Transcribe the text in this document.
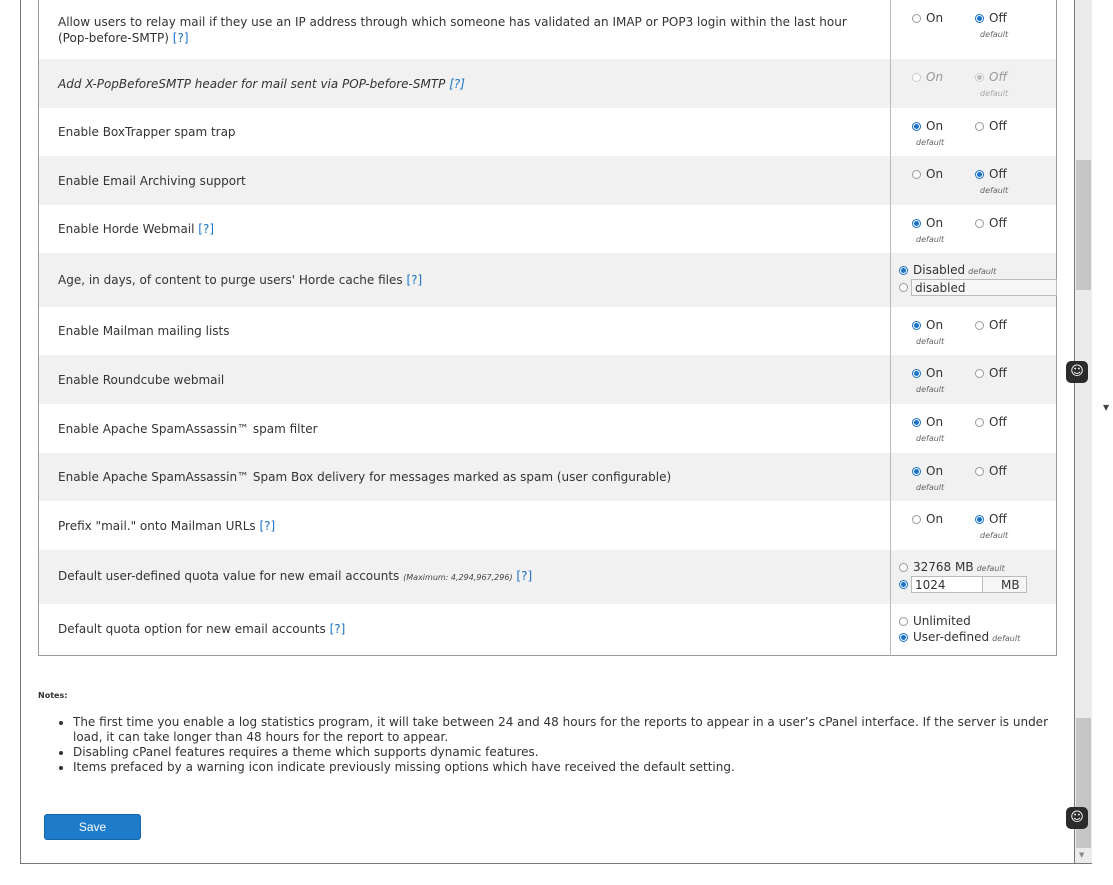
Allow users to relay mail if they use an IP address through which someone has validated an IMAP or POP3 login within the last hour (Pop-before-SMTP) [?]	On Off
default

Add X-PopBeforeSMTP header for mail sent via POP-before-SMTP [?]	On Off
default

Enable BoxTrapper spam trap	On Off
default

Enable Email Archiving support	On Off
default

Enable Horde Webmail [?]	On Off
default

Age, in days, of content to purge users' Horde cache files [?]	Disabled default
disabled

Enable Mailman mailing lists	On Off
default

Enable Roundcube webmail	On Off
default

Enable Apache SpamAssassin™ spam filter	On Off
default

Enable Apache SpamAssassin™ Spam Box delivery for messages marked as spam (user configurable)	On Off
default

Prefix "mail." onto Mailman URLs [?]	On Off
default

Default user-defined quota value for new email accounts (Maximum: 4,294,967,296) [?]	32768 MB default
1024 MB

Default quota option for new email accounts [?]	Unlimited
User-defined default
Notes:
• The first time you enable a log statistics program, it will take between 24 and 48 hours for the reports to appear in a user’s cPanel interface. If the server is under load, it can take longer than 48 hours for the report to appear.
• Disabling cPanel features requires a theme which supports dynamic features.
• Items prefaced by a warning icon indicate previously missing options which have received the default setting.
Save
▼
☺
☺
▼
